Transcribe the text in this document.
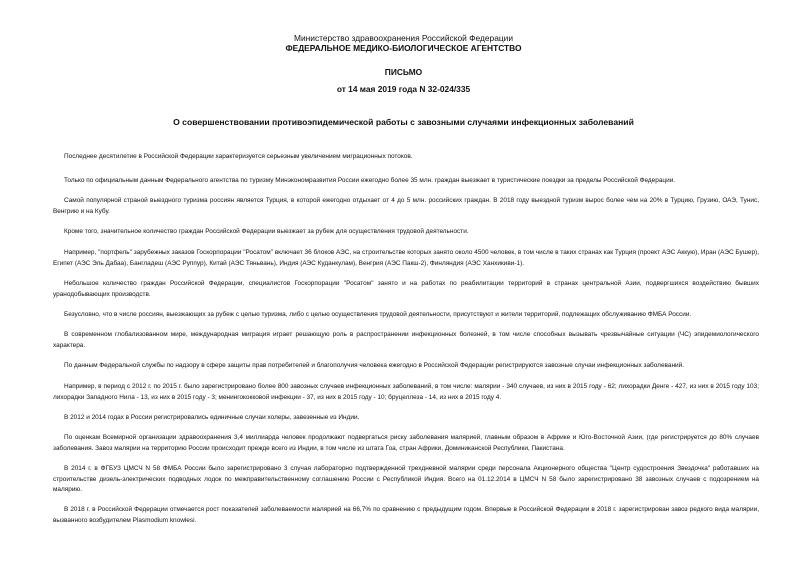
Министерство здравоохранения Российской Федерации
ФЕДЕРАЛЬНОЕ МЕДИКО-БИОЛОГИЧЕСКОЕ АГЕНТСТВО
ПИСЬМО
от 14 мая 2019 года N 32-024/335
О совершенствовании противоэпидемической работы с завозными случаями инфекционных заболеваний
Последнее десятилетие в Российской Федерации характеризуется серьезным увеличением миграционных потоков.
Только по официальным данным Федерального агентства по туризму Минэкономразвития России ежегодно более 35 млн. граждан выезжает в туристические поездки за пределы Российской Федерации.
Самой популярной страной выездного туризма россиян является Турция, в которой ежегодно отдыхает от 4 до 5 млн. российских граждан. В 2018 году выездной туризм вырос более чем на 20% в Турцию, Грузию, ОАЭ, Тунис, Венгрию и на Кубу.
Кроме того, значительное количество граждан Российской Федерации выезжает за рубеж для осуществления трудовой деятельности.
Например, "портфель" зарубежных заказов Госкорпорации "Росатом" включает 36 блоков АЭС, на строительстве которых занято около 4500 человек, в том числе в таких странах как Турция (проект АЭС Аккую), Иран (АЭС Бушер), Египет (АЭС Эль Дабаа), Бангладеш (АЭС Руппур), Китай (АЭС Тяньвань), Индия (АЭС Куданкулам), Венгрия (АЭС Пакш-2), Финляндия (АЭС Ханхикиви-1).
Небольшое количество граждан Российской Федерации, специалистов Госкорпорации "Росатом" занято и на работах по реабилитации территорий в странах центральной Азии, подвергшихся воздействию бывших уранодобывающих производств.
Безусловно, что в числе россиян, выезжающих за рубеж с целью туризма, либо с целью осуществления трудовой деятельности, присутствуют и жители территорий, подлежащих обслуживанию ФМБА России.
В современном глобализованном мире, международная миграция играет решающую роль в распространении инфекционных болезней, в том числе способных вызывать чрезвычайные ситуации (ЧС) эпидемиологического характера.
По данным Федеральной службы по надзору в сфере защиты прав потребителей и благополучия человека ежегодно в Российской Федерации регистрируются завозные случаи инфекционных заболеваний.
Например, в период с 2012 г. по 2015 г. было зарегистрировано более 800 завозных случаев инфекционных заболеваний, в том числе: малярии - 340 случаев, из них в 2015 году - 62; лихорадки Денге - 427, из них в 2015 году 103; лихорадки Западного Нила - 13, из них в 2015 году - 3; менингококковой инфекции - 37, из них в 2015 году - 10; бруцеллеза - 14, из них в 2015 году 4.
В 2012 и 2014 годах в России регистрировались единичные случаи холеры, завезенные из Индии.
По оценкам Всемирной организации здравоохранения 3,4 миллиарда человек продолжают подвергаться риску заболевания малярией, главным образом в Африке и Юго-Восточной Азии, (где регистрируется до 80% случаев заболевания. Завоз малярии на территорию России происходит прежде всего из Индии, в том числе из штата Гоа, стран Африки, Доминиканской Республики, Пакистана.
В 2014 г. в ФГБУЗ ЦМСЧ N 58 ФМБА России было зарегистрировано 3 случая лабораторно подтвержденной трехдневной малярии среди персонала Акционерного общества "Центр судостроения Звездочка" работавших на строительстве дизель-электрических подводных лодок по межправительственному соглашению России с Республикой Индия. Всего на 01.12.2014 в ЦМСЧ N 58 было зарегистрировано 38 завозных случаев с подозрением на малярию.
В 2018 г. в Российской Федерации отмечается рост показателей заболеваемости малярией на 66,7% по сравнению с предыдущим годом. Впервые в Российской Федерации в 2018 г. зарегистрирован завоз редкого вида малярии, вызванного возбудителем Plasmodium knowlesi.
